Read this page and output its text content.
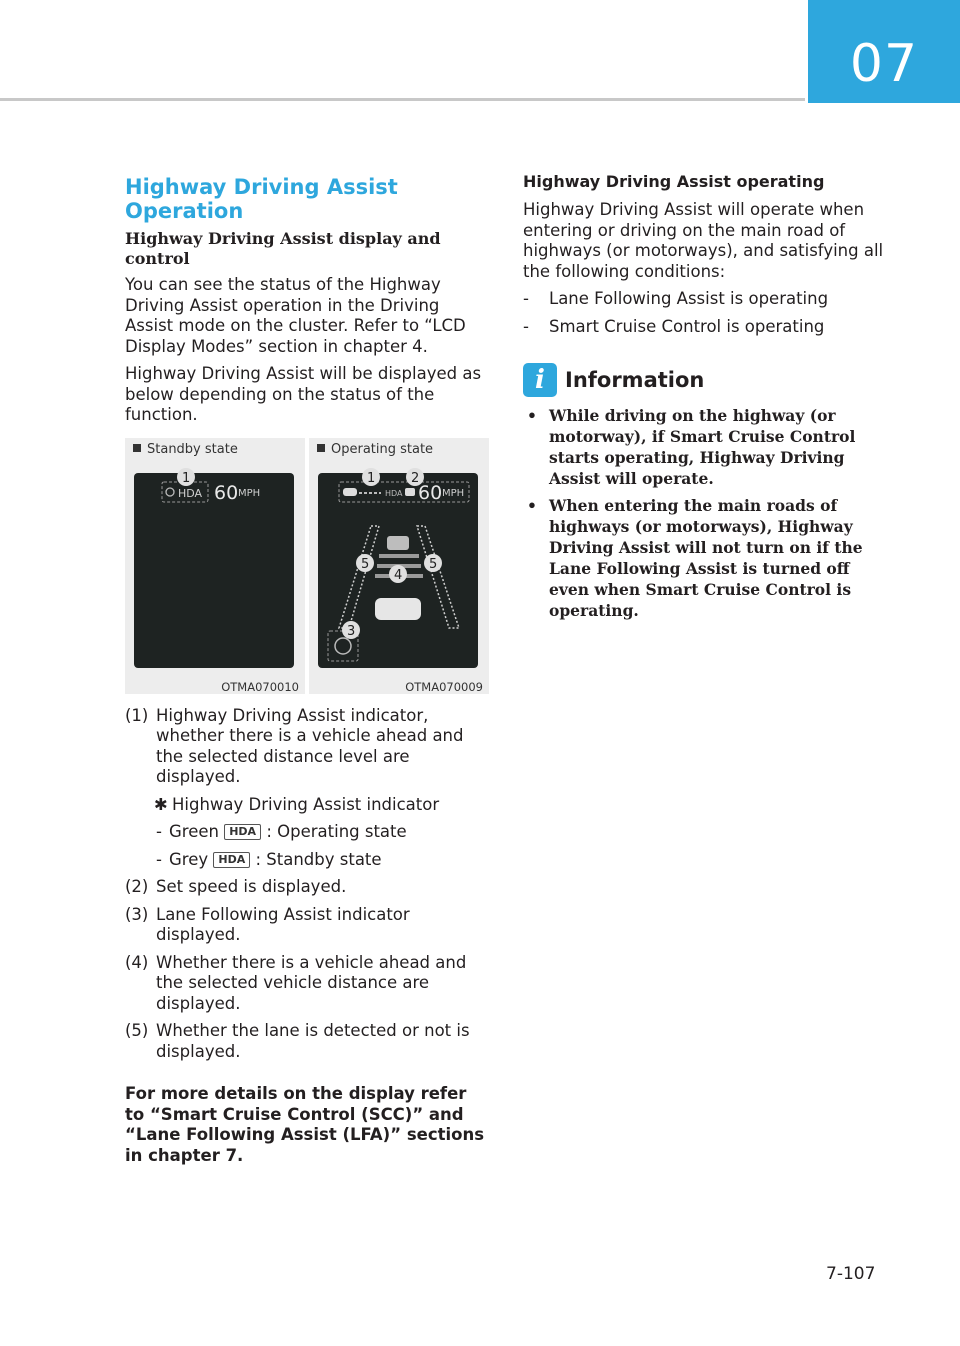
07
Highway Driving Assist Operation
Highway Driving Assist display and control
You can see the status of the Highway Driving Assist operation in the Driving Assist mode on the cluster. Refer to “LCD Display Modes” section in chapter 4.
Highway Driving Assist will be displayed as below depending on the status of the function.
Standby state
HDA 60 MPH
1
OTMA070010
Operating state
HDA 60 MPH
1	2
3
4
5	5
OTMA070009
(1) Highway Driving Assist indicator, whether there is a vehicle ahead and the selected distance level are displayed.
✱ Highway Driving Assist indicator
- Green HDA : Operating state
- Grey HDA : Standby state
(2) Set speed is displayed.
(3) Lane Following Assist indicator displayed.
(4) Whether there is a vehicle ahead and the selected vehicle distance are displayed.
(5) Whether the lane is detected or not is displayed.
For more details on the display refer to “Smart Cruise Control (SCC)” and “Lane Following Assist (LFA)” sections in chapter 7.
Highway Driving Assist operating
Highway Driving Assist will operate when entering or driving on the main road of highways (or motorways), and satisfying all the following conditions:
- Lane Following Assist is operating
- Smart Cruise Control is operating
i Information
• While driving on the highway (or motorway), if Smart Cruise Control starts operating, Highway Driving Assist will operate.
• When entering the main roads of highways (or motorways), Highway Driving Assist will not turn on if the Lane Following Assist is turned off even when Smart Cruise Control is operating.
7-107
